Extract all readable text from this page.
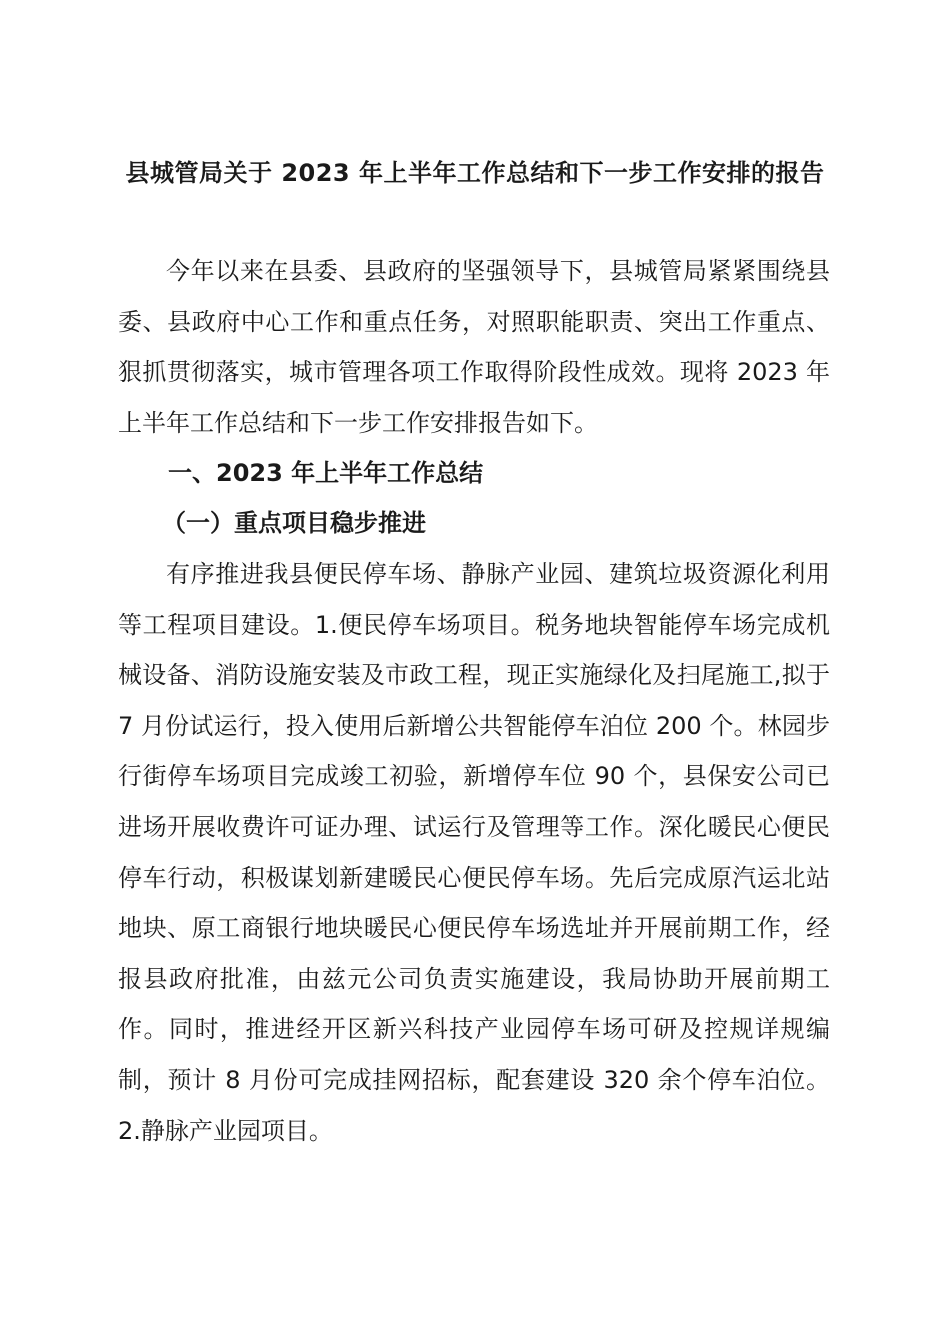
县城管局关于 2023 年上半年工作总结和下一步工作安排的报告

今年以来在县委、县政府的坚强领导下，县城管局紧紧围绕县委、县政府中心工作和重点任务，对照职能职责、突出工作重点、狠抓贯彻落实，城市管理各项工作取得阶段性成效。现将 2023 年上半年工作总结和下一步工作安排报告如下。

一、2023 年上半年工作总结
（一）重点项目稳步推进

有序推进我县便民停车场、静脉产业园、建筑垃圾资源化利用等工程项目建设。1.便民停车场项目。税务地块智能停车场完成机械设备、消防设施安装及市政工程，现正实施绿化及扫尾施工,拟于 7 月份试运行，投入使用后新增公共智能停车泊位 200 个。林园步行街停车场项目完成竣工初验，新增停车位 90 个，县保安公司已进场开展收费许可证办理、试运行及管理等工作。深化暖民心便民停车行动，积极谋划新建暖民心便民停车场。先后完成原汽运北站地块、原工商银行地块暖民心便民停车场选址并开展前期工作，经报县政府批准，由兹元公司负责实施建设，我局协助开展前期工作。同时，推进经开区新兴科技产业园停车场可研及控规详规编制，预计 8 月份可完成挂网招标，配套建设 320 余个停车泊位。2.静脉产业园项目。
